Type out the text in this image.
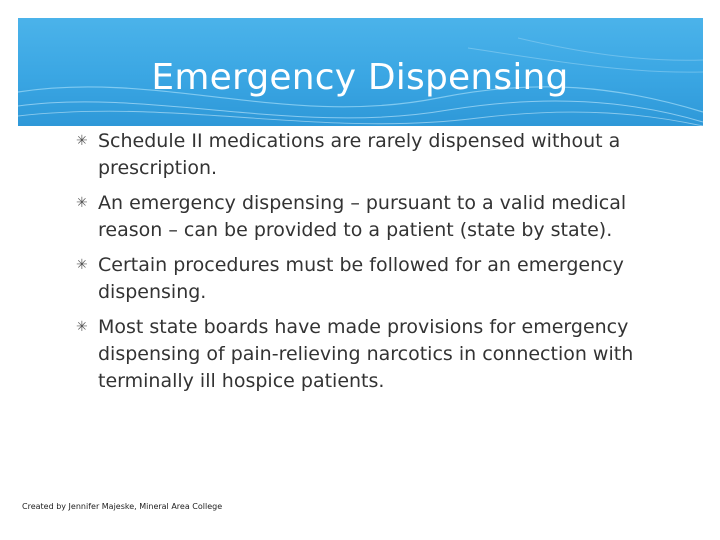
Emergency Dispensing
✳ Schedule II medications are rarely dispensed without a prescription.
✳ An emergency dispensing – pursuant to a valid medical reason – can be provided to a patient (state by state).
✳ Certain procedures must be followed for an emergency dispensing.
✳ Most state boards have made provisions for emergency dispensing of pain-relieving narcotics in connection with terminally ill hospice patients.
Created by Jennifer Majeske, Mineral Area College
